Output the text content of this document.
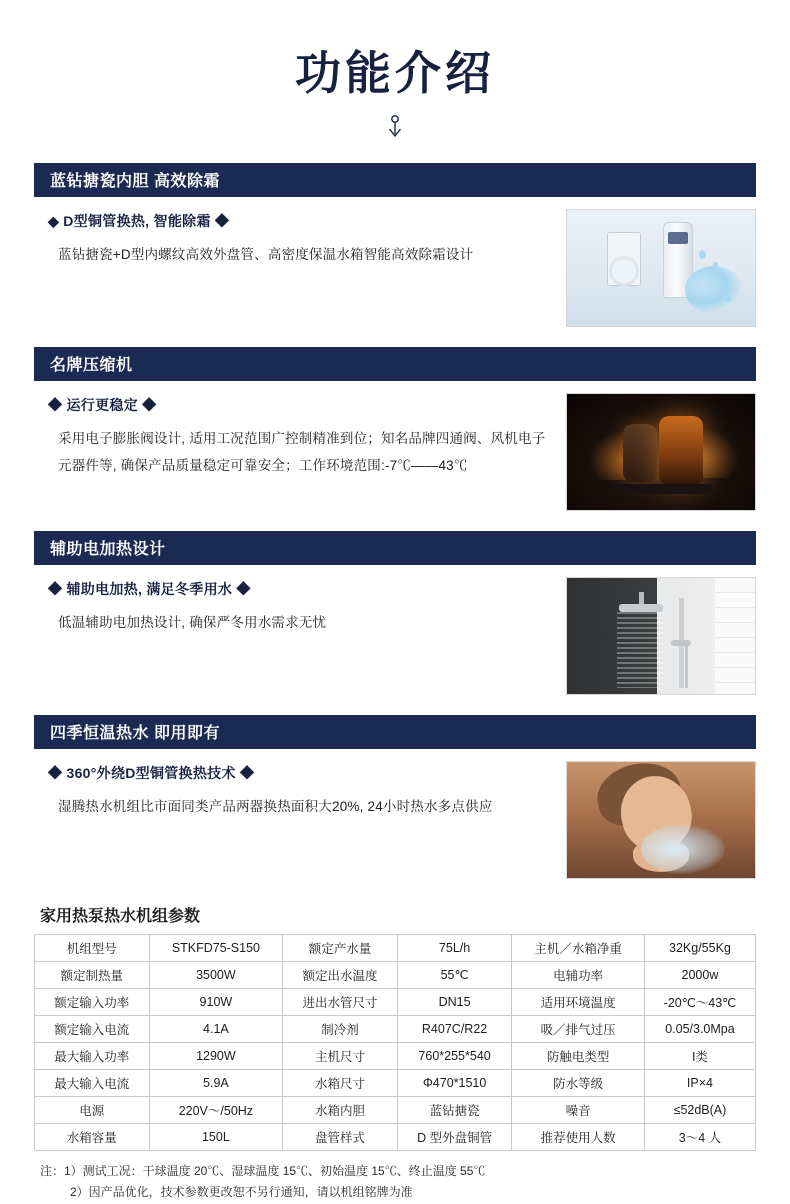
功能介绍
蓝钻搪瓷内胆 高效除霜
◆ D型铜管换热, 智能除霜 ◆
蓝钻搪瓷+D型内螺纹高效外盘管、高密度保温水箱智能高效除霜设计
名牌压缩机
◆ 运行更稳定 ◆
采用电子膨胀阀设计, 适用工况范围广控制精准到位；知名品牌四通阀、风机电子元器件等, 确保产品质量稳定可靠安全；工作环境范围:-7℃——43℃
辅助电加热设计
◆ 辅助电加热, 满足冬季用水 ◆
低温辅助电加热设计, 确保严冬用水需求无忧
四季恒温热水 即用即有
◆ 360°外绕D型铜管换热技术 ◆
湿腾热水机组比市面同类产品两器换热面积大20%, 24小时热水多点供应
家用热泵热水机组参数
机组型号	STKFD75-S150	额定产水量	75L/h	主机／水箱净重	32Kg/55Kg
额定制热量	3500W	额定出水温度	55℃	电辅功率	2000w
额定输入功率	910W	进出水管尺寸	DN15	适用环境温度	-20℃～43℃
额定输入电流	4.1A	制冷剂	R407C/R22	吸／排气过压	0.05/3.0Mpa
最大输入功率	1290W	主机尺寸	760*255*540	防触电类型	I类
最大输入电流	5.9A	水箱尺寸	Φ470*1510	防水等级	IP×4
电源	220V～/50Hz	水箱内胆	蓝钻搪瓷	噪音	≤52dB(A)
水箱容量	150L	盘管样式	D 型外盘铜管	推荐使用人数	3～4 人
注：1）测试工况：干球温度 20℃、湿球温度 15℃、初始温度 15℃、终止温度 55℃
2）因产品优化，技术参数更改恕不另行通知，请以机组铭牌为准
